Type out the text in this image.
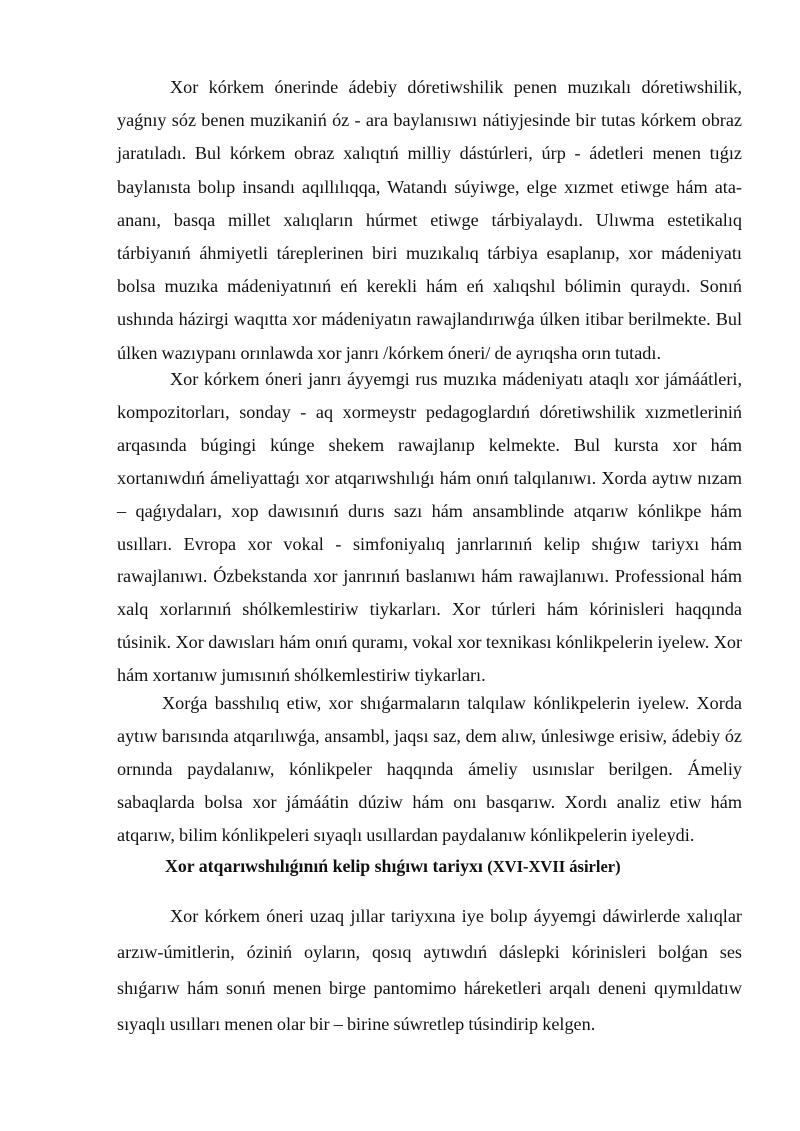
Xor kórkem ónerinde ádebiy dóretiwshilik penen muzıkalı dóretiwshilik, yaǵnıy sóz benen muzikaniń óz - ara baylanısıwı nátiyjesinde bir tutas kórkem obraz jaratıladı. Bul kórkem obraz xalıqtıń milliy dástúrleri, úrp - ádetleri menen tıǵız baylanısta bolıp insandı aqıllılıqqa, Watandı súyiwge, elge xızmet etiwge hám ata-ananı, basqa millet xalıqların húrmet etiwge tárbiyalaydı. Ulıwma estetikalıq tárbiyanıń áhmiyetli táreplerinen biri muzıkalıq tárbiya esaplanıp, xor mádeniyatı bolsa muzıka mádeniyatınıń eń kerekli hám eń xalıqshıl bólimin quraydı. Sonıń ushında házirgi waqıtta xor mádeniyatın rawajlandırıwǵa úlken itibar berilmekte. Bul úlken wazıypanı orınlawda xor janrı /kórkem óneri/ de ayrıqsha orın tutadı.

Xor kórkem óneri janrı áyyemgi rus muzıka mádeniyatı ataqlı xor jámáátleri, kompozitorları, sonday - aq xormeystr pedagoglardıń dóretiwshilik xızmetleriniń arqasında búgingi kúnge shekem rawajlanıp kelmekte. Bul kursta xor hám xortanıwdıń ámeliyattaǵı xor atqarıwshılıǵı hám onıń talqılanıwı. Xorda aytıw nızam – qaǵıydaları, xop dawısınıń durıs sazı hám ansamblinde atqarıw kónlikpe hám usılları. Evropa xor vokal - simfoniyalıq janrlarınıń kelip shıǵıw tariyxı hám rawajlanıwı. Ózbekstanda xor janrınıń baslanıwı hám rawajlanıwı. Professional hám xalq xorlarınıń shólkemlestiriw tiykarları. Xor túrleri hám kórinisleri haqqında túsinik. Xor dawısları hám onıń quramı, vokal xor texnikası kónlikpelerin iyelew. Xor hám xortanıw jumısınıń shólkemlestiriw tiykarları.

Xorǵa basshılıq etiw, xor shıǵarmaların talqılaw kónlikpelerin iyelew. Xorda aytıw barısında atqarılıwǵa, ansambl, jaqsı saz, dem alıw, únlesiwge erisiw, ádebiy óz ornında paydalanıw, kónlikpeler haqqında ámeliy usınıslar berilgen. Ámeliy sabaqlarda bolsa xor jámáátin dúziw hám onı basqarıw. Xordı analiz etiw hám atqarıw, bilim kónlikpeleri sıyaqlı usıllardan paydalanıw kónlikpelerin iyeleydi.

Xor atqarıwshılıǵınıń kelip shıǵıwı tariyxı (XVI-XVII ásirler)

Xor kórkem óneri uzaq jıllar tariyxına iye bolıp áyyemgi dáwirlerde xalıqlar arzıw-úmitlerin, óziniń oyların, qosıq aytıwdıń dáslepki kórinisleri bolǵan ses shıǵarıw hám sonıń menen birge pantomimo háreketleri arqalı deneni qıymıldatıw sıyaqlı usılları menen olar bir – birine súwretlep túsindirip kelgen.
